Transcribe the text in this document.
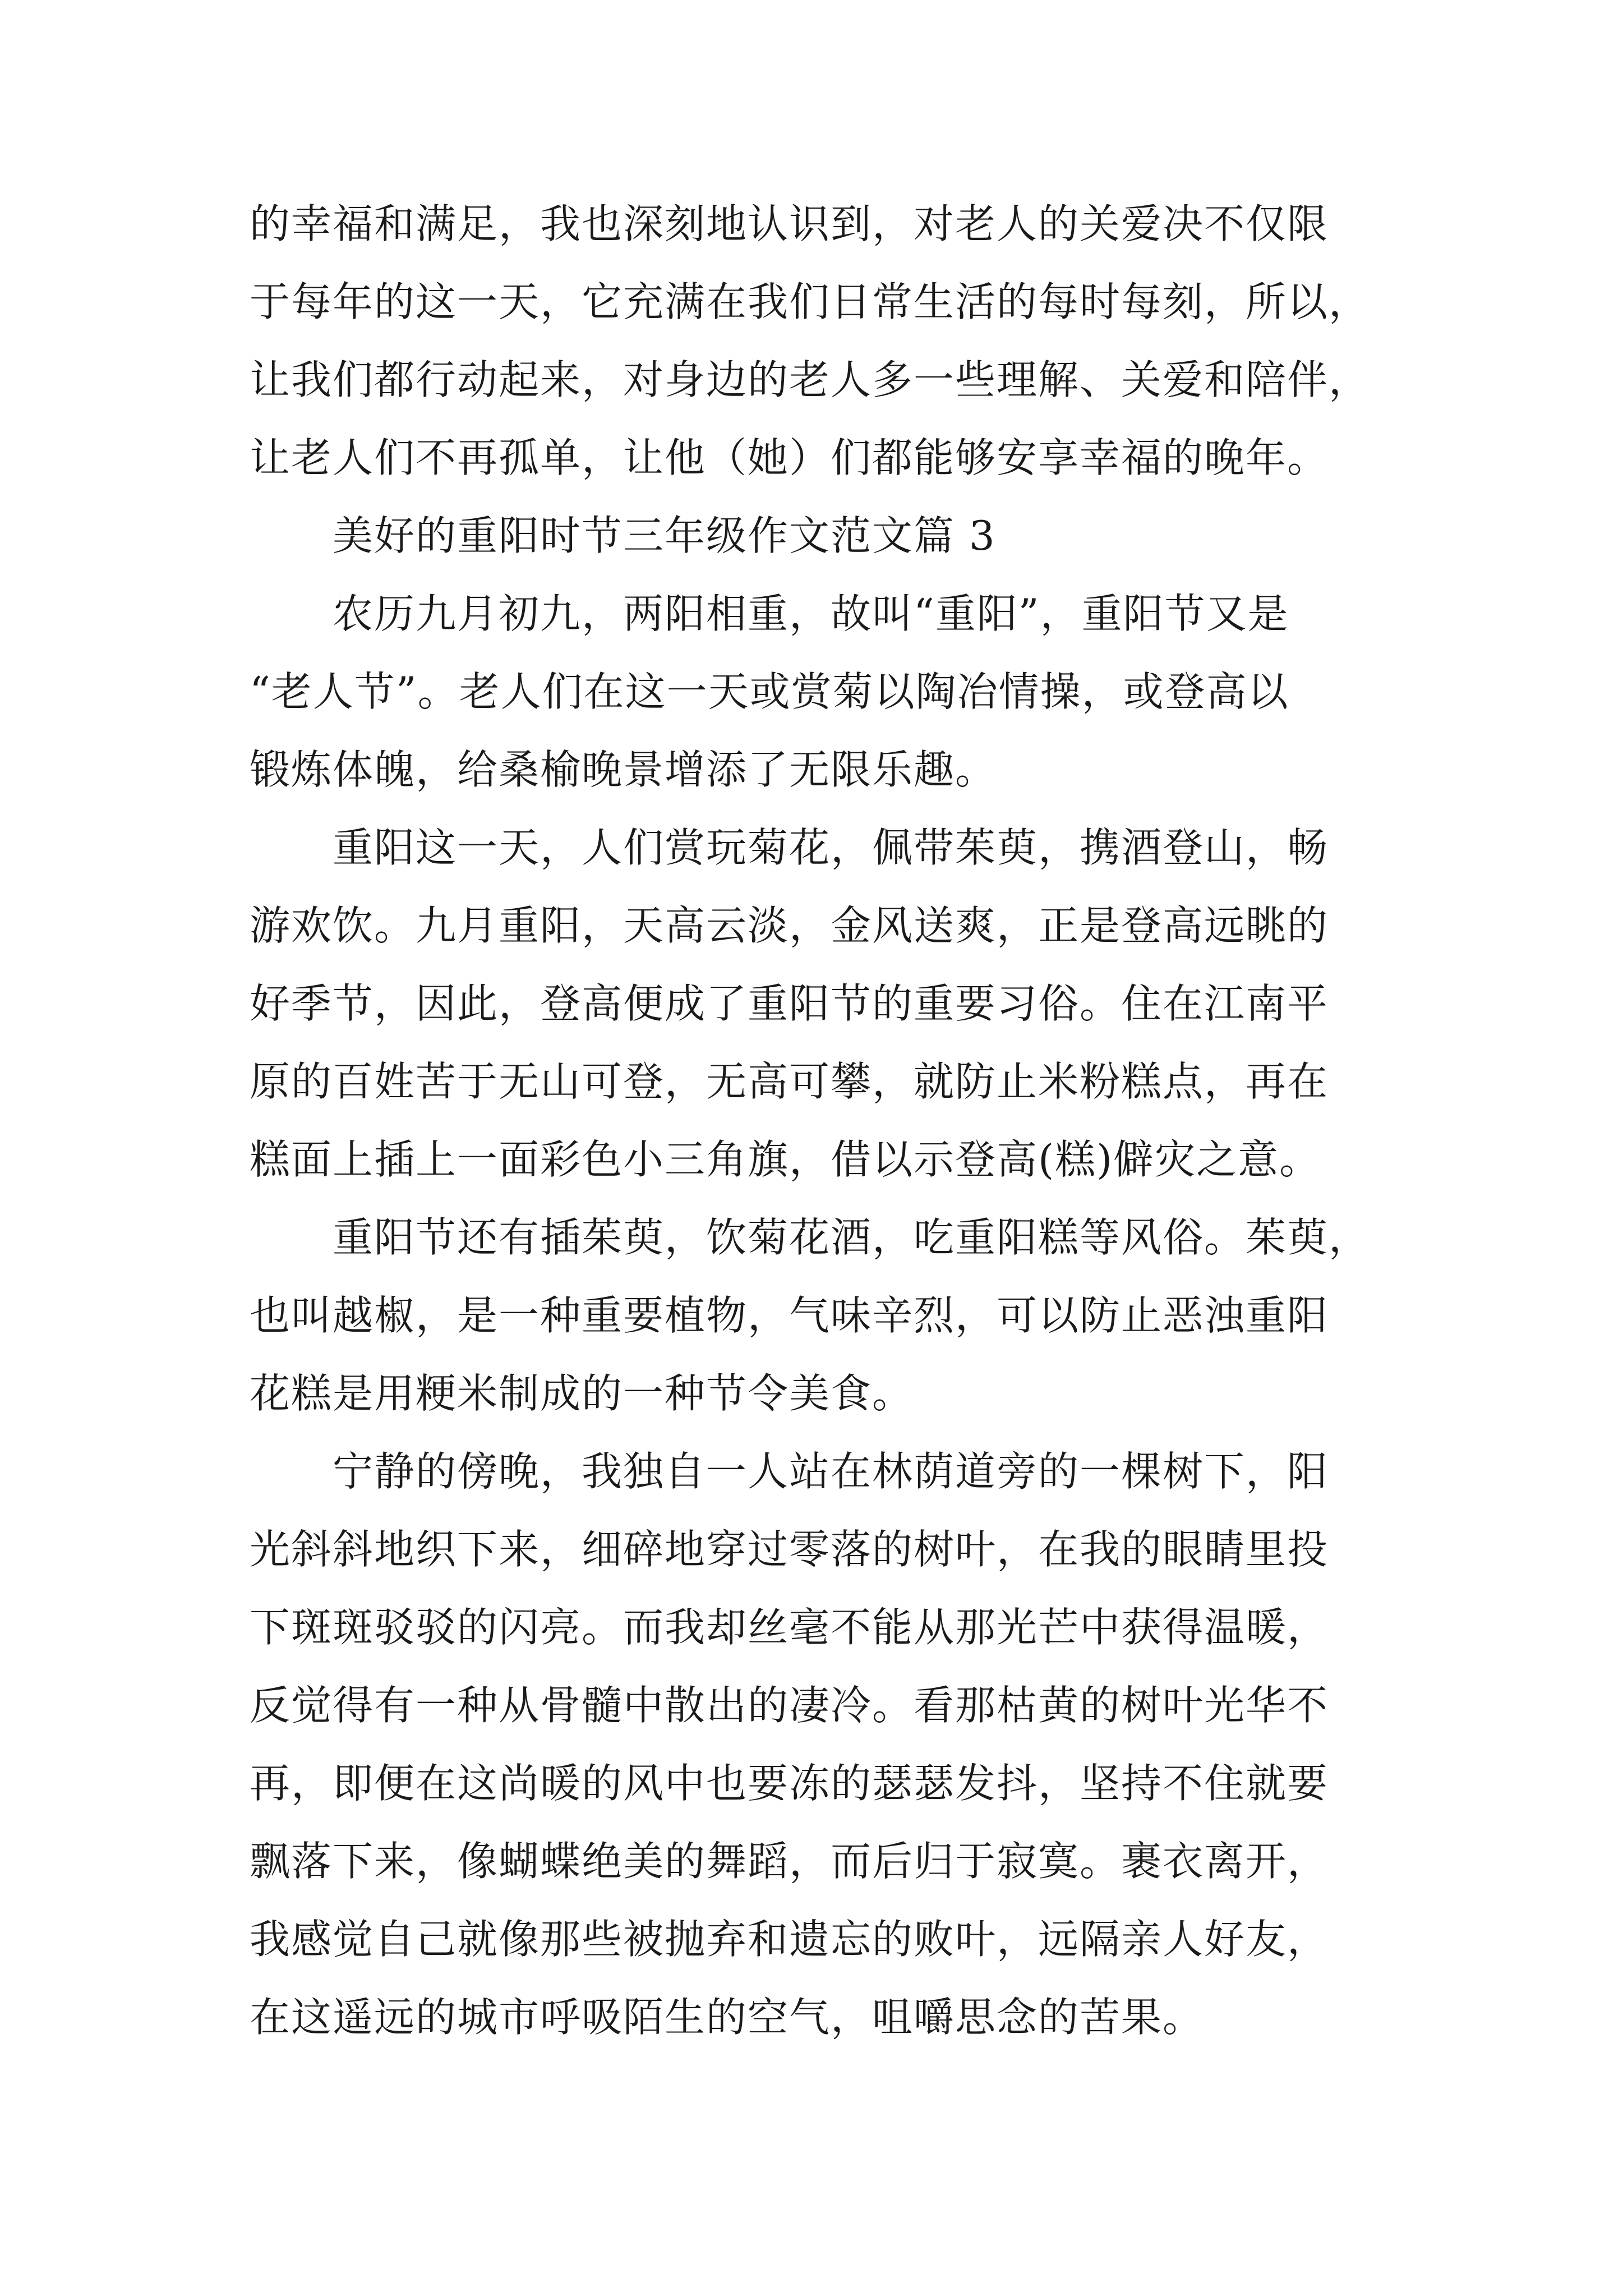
的幸福和满足，我也深刻地认识到，对老人的关爱决不仅限
于每年的这一天，它充满在我们日常生活的每时每刻，所以，
让我们都行动起来，对身边的老人多一些理解、关爱和陪伴，
让老人们不再孤单，让他（她）们都能够安享幸福的晚年。
美好的重阳时节三年级作文范文篇 3
农历九月初九，两阳相重，故叫“重阳”，重阳节又是
“老人节”。老人们在这一天或赏菊以陶冶情操，或登高以
锻炼体魄，给桑榆晚景增添了无限乐趣。
重阳这一天，人们赏玩菊花，佩带茱萸，携酒登山，畅
游欢饮。九月重阳，天高云淡，金风送爽，正是登高远眺的
好季节，因此，登高便成了重阳节的重要习俗。住在江南平
原的百姓苦于无山可登，无高可攀，就防止米粉糕点，再在
糕面上插上一面彩色小三角旗，借以示登高(糕)僻灾之意。
重阳节还有插茱萸，饮菊花酒，吃重阳糕等风俗。茱萸，
也叫越椒，是一种重要植物，气味辛烈，可以防止恶浊重阳
花糕是用粳米制成的一种节令美食。
宁静的傍晚，我独自一人站在林荫道旁的一棵树下，阳
光斜斜地织下来，细碎地穿过零落的树叶，在我的眼睛里投
下斑斑驳驳的闪亮。而我却丝毫不能从那光芒中获得温暖，
反觉得有一种从骨髓中散出的凄冷。看那枯黄的树叶光华不
再，即便在这尚暖的风中也要冻的瑟瑟发抖，坚持不住就要
飘落下来，像蝴蝶绝美的舞蹈，而后归于寂寞。裹衣离开，
我感觉自己就像那些被抛弃和遗忘的败叶，远隔亲人好友，
在这遥远的城市呼吸陌生的空气，咀嚼思念的苦果。
